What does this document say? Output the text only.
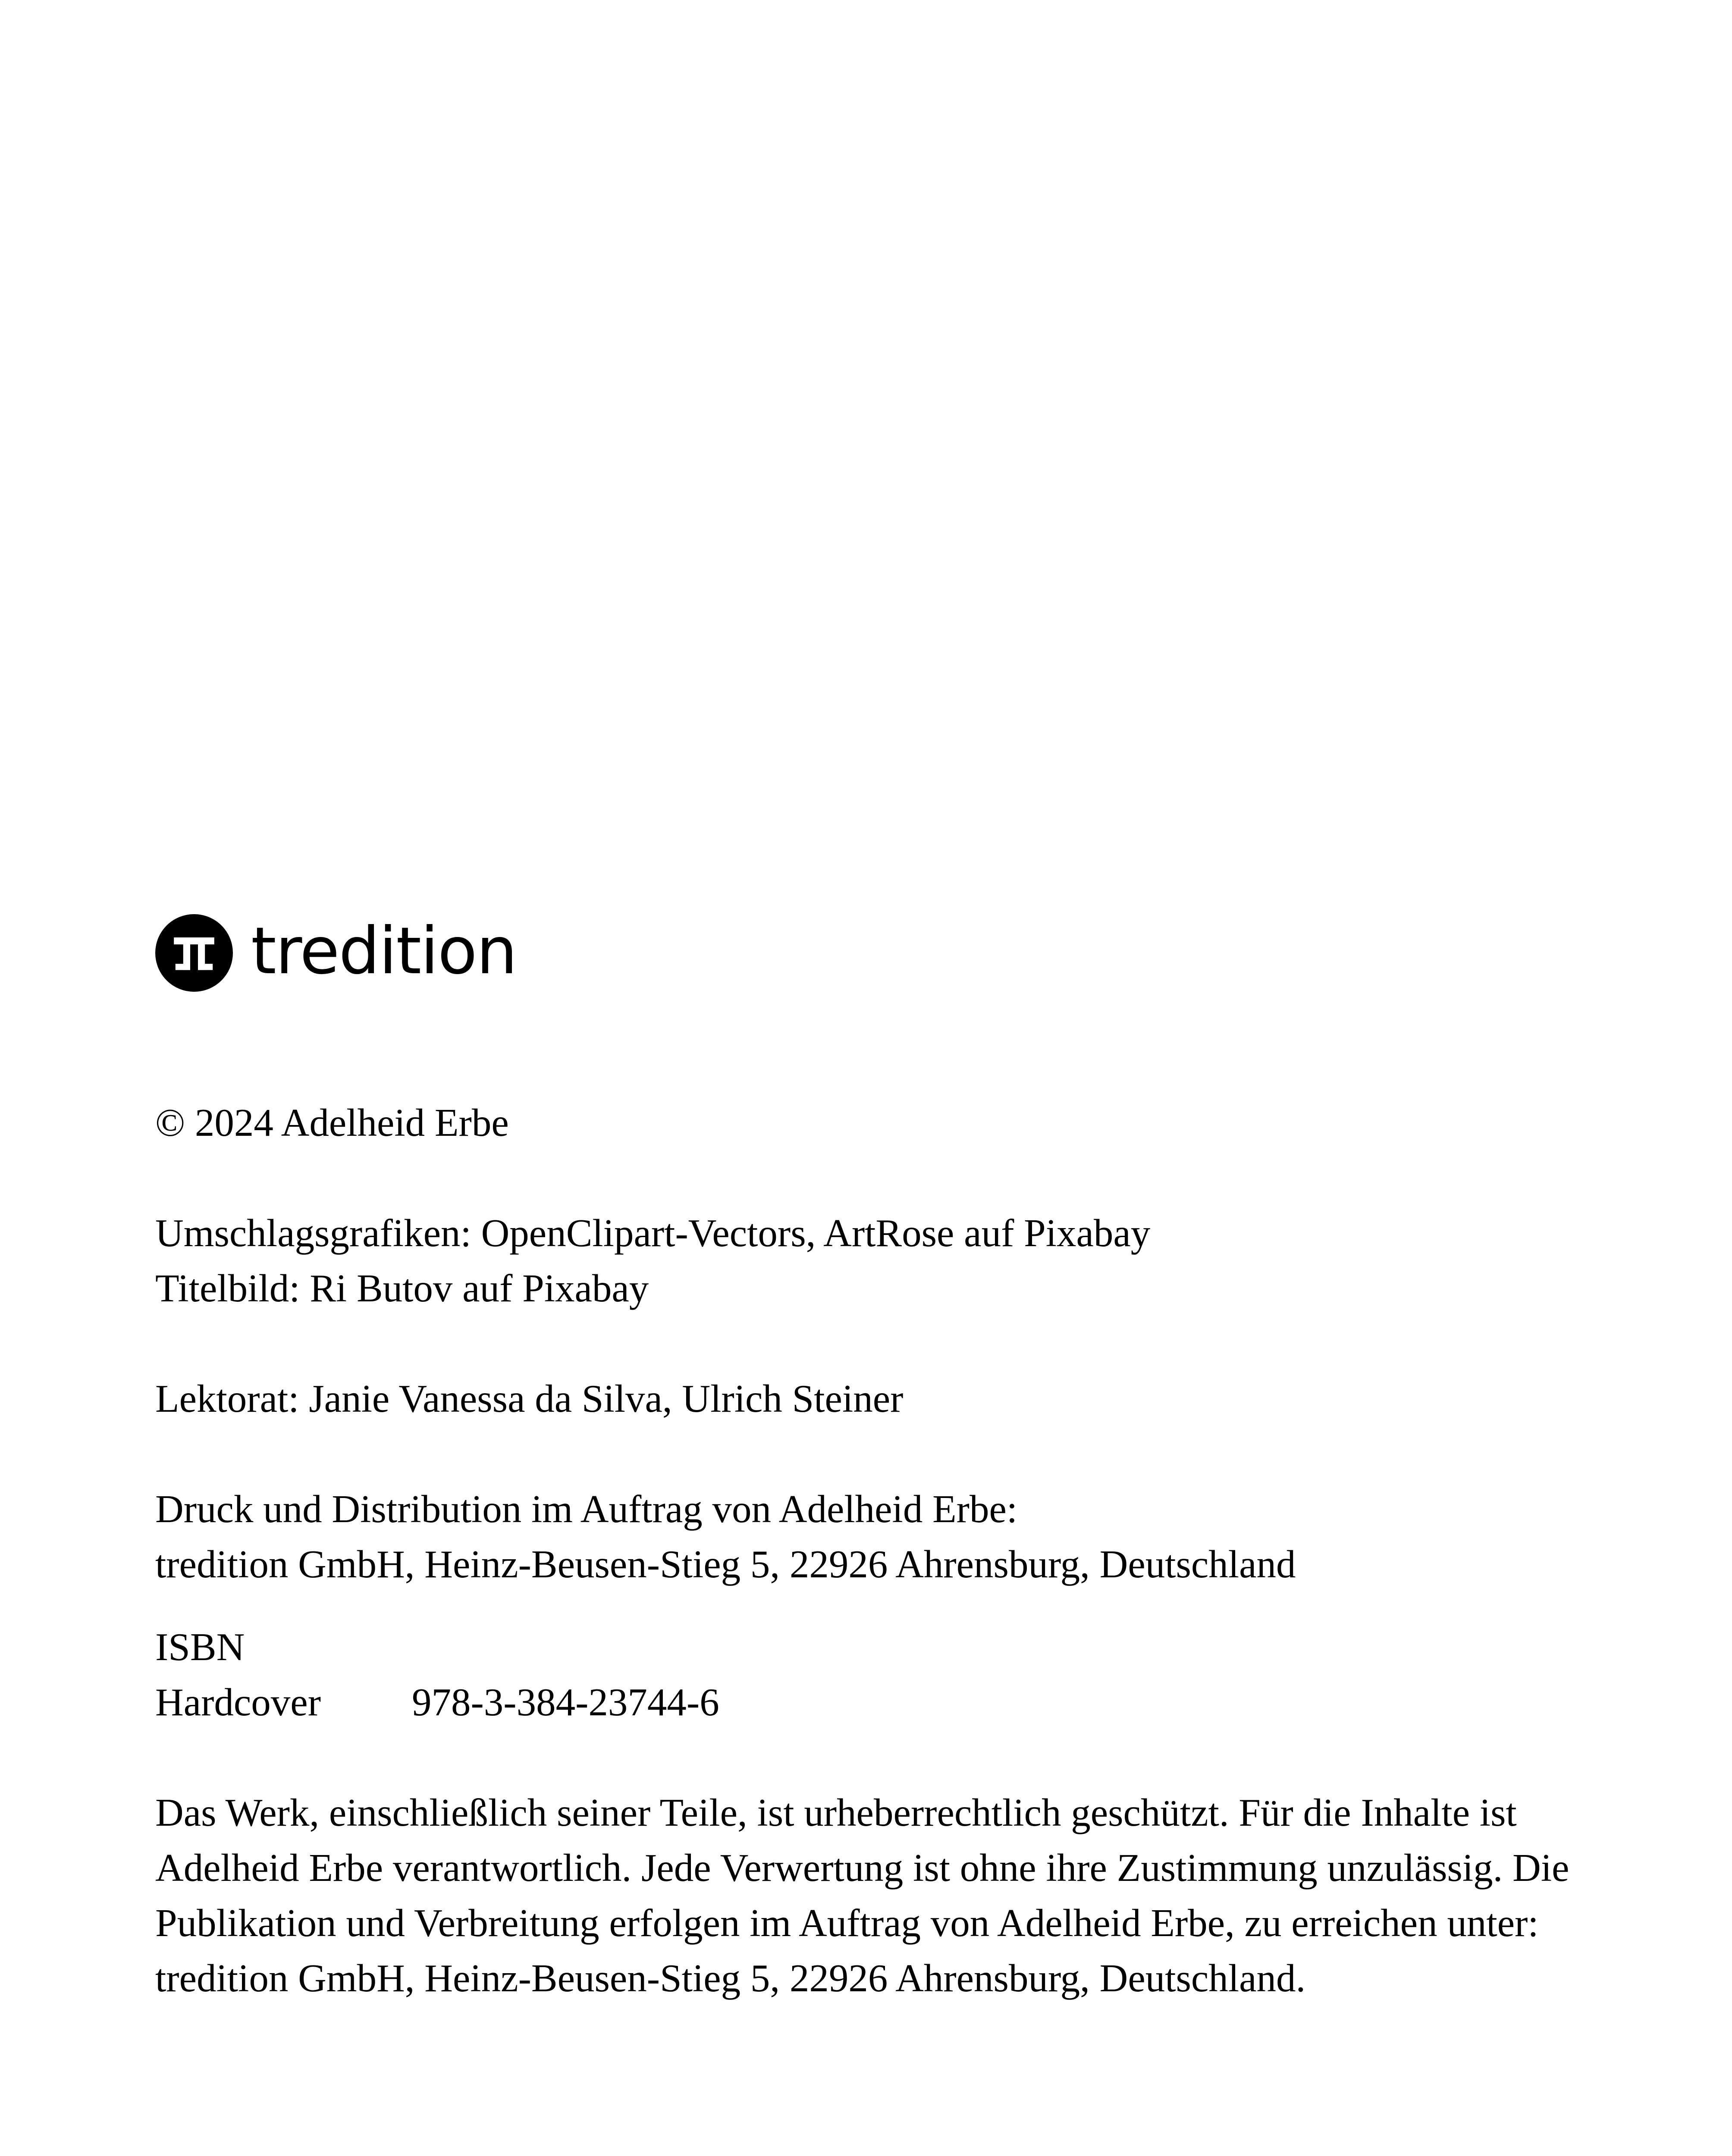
tredition
© 2024 Adelheid Erbe
Umschlagsgrafiken: OpenClipart-Vectors, ArtRose auf Pixabay
Titelbild: Ri Butov auf Pixabay
Lektorat: Janie Vanessa da Silva, Ulrich Steiner
Druck und Distribution im Auftrag von Adelheid Erbe:
tredition GmbH, Heinz-Beusen-Stieg 5, 22926 Ahrensburg, Deutschland
ISBN
Hardcover	978-3-384-23744-6
Das Werk, einschließlich seiner Teile, ist urheberrechtlich geschützt. Für die Inhalte ist Adelheid Erbe verantwortlich. Jede Verwertung ist ohne ihre Zustimmung unzulässig. Die Publikation und Verbreitung erfolgen im Auftrag von Adelheid Erbe, zu erreichen unter: tredition GmbH, Heinz-Beusen-Stieg 5, 22926 Ahrensburg, Deutschland.
